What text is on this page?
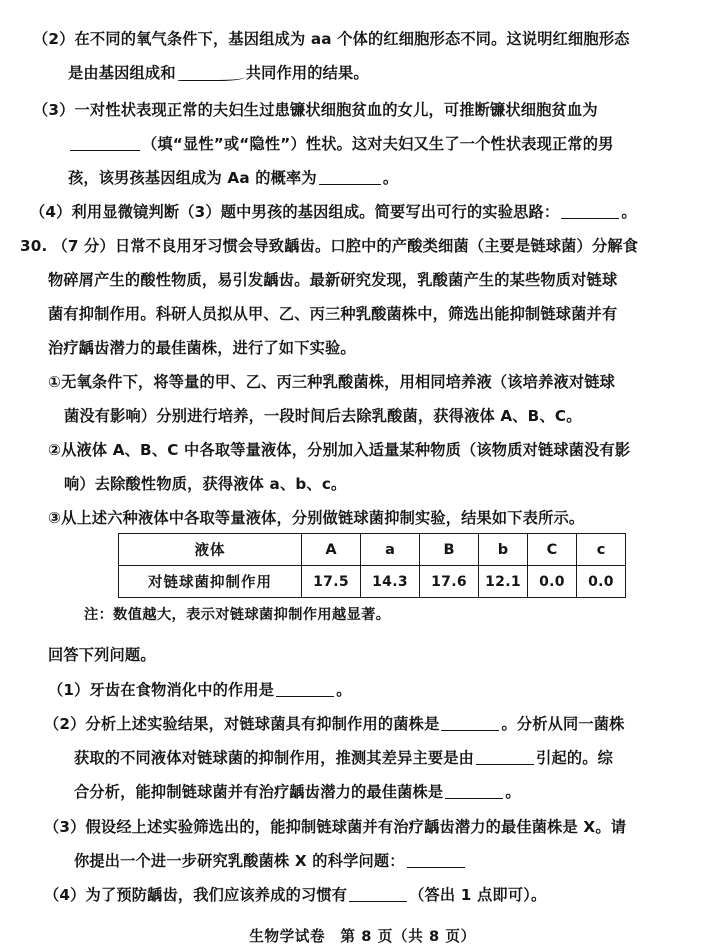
（2）在不同的氧气条件下，基因组成为 aa 个体的红细胞形态不同。这说明红细胞形态
是由基因组成和	共同作用的结果。
（3）一对性状表现正常的夫妇生过患镰状细胞贫血的女儿，可推断镰状细胞贫血为
（填“显性”或“隐性”）性状。这对夫妇又生了一个性状表现正常的男
孩，该男孩基因组成为 Aa 的概率为	。
（4）利用显微镜判断（3）题中男孩的基因组成。简要写出可行的实验思路：	。
30. （7 分）日常不良用牙习惯会导致龋齿。口腔中的产酸类细菌（主要是链球菌）分解食
物碎屑产生的酸性物质，易引发龋齿。最新研究发现，乳酸菌产生的某些物质对链球
菌有抑制作用。科研人员拟从甲、乙、丙三种乳酸菌株中，筛选出能抑制链球菌并有
治疗龋齿潜力的最佳菌株，进行了如下实验。
①无氧条件下，将等量的甲、乙、丙三种乳酸菌株，用相同培养液（该培养液对链球
菌没有影响）分别进行培养，一段时间后去除乳酸菌，获得液体 A、B、C。
②从液体 A、B、C 中各取等量液体，分别加入适量某种物质（该物质对链球菌没有影
响）去除酸性物质，获得液体 a、b、c。
③从上述六种液体中各取等量液体，分别做链球菌抑制实验，结果如下表所示。
液体	A	a	B	b	C	c
对链球菌抑制作用	17.5	14.3	17.6	12.1	0.0	0.0
注：数值越大，表示对链球菌抑制作用越显著。
回答下列问题。
（1）牙齿在食物消化中的作用是	。
（2）分析上述实验结果，对链球菌具有抑制作用的菌株是	。分析从同一菌株
获取的不同液体对链球菌的抑制作用，推测其差异主要是由	引起的。综
合分析，能抑制链球菌并有治疗龋齿潜力的最佳菌株是	。
（3）假设经上述实验筛选出的，能抑制链球菌并有治疗龋齿潜力的最佳菌株是 X。请
你提出一个进一步研究乳酸菌株 X 的科学问题：
（4）为了预防龋齿，我们应该养成的习惯有	（答出 1 点即可）。
生物学试卷　第 8 页（共 8 页）
